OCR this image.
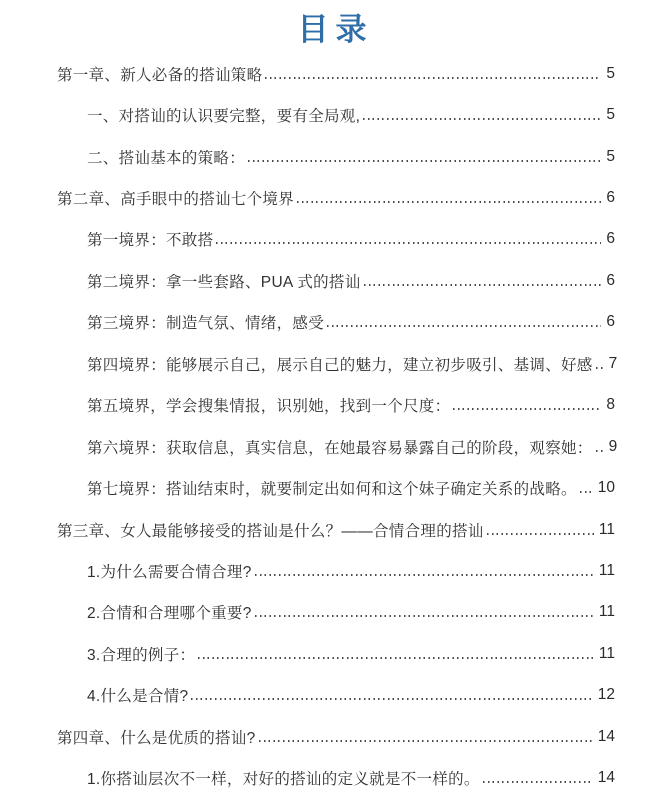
目录
第一章、新人必备的搭讪策略	5
一、对搭讪的认识要完整，要有全局观,	5
二、搭讪基本的策略：	5
第二章、高手眼中的搭讪七个境界	6
第一境界：不敢搭	6
第二境界：拿一些套路、PUA 式的搭讪	6
第三境界：制造气氛、情绪，感受	6
第四境界：能够展示自己，展示自己的魅力，建立初步吸引、基调、好感 7
第五境界，学会搜集情报，识别她，找到一个尺度：	8
第六境界：获取信息，真实信息，在她最容易暴露自己的阶段，观察她： 9
第七境界：搭讪结束时，就要制定出如何和这个妹子确定关系的战略。 10
第三章、女人最能够接受的搭讪是什么？——合情合理的搭讪	11
1.为什么需要合情合理?	11
2.合情和合理哪个重要?	11
3.合理的例子：	11
4.什么是合情?	12
第四章、什么是优质的搭讪?	14
1.你搭讪层次不一样，对好的搭讪的定义就是不一样的。	14
